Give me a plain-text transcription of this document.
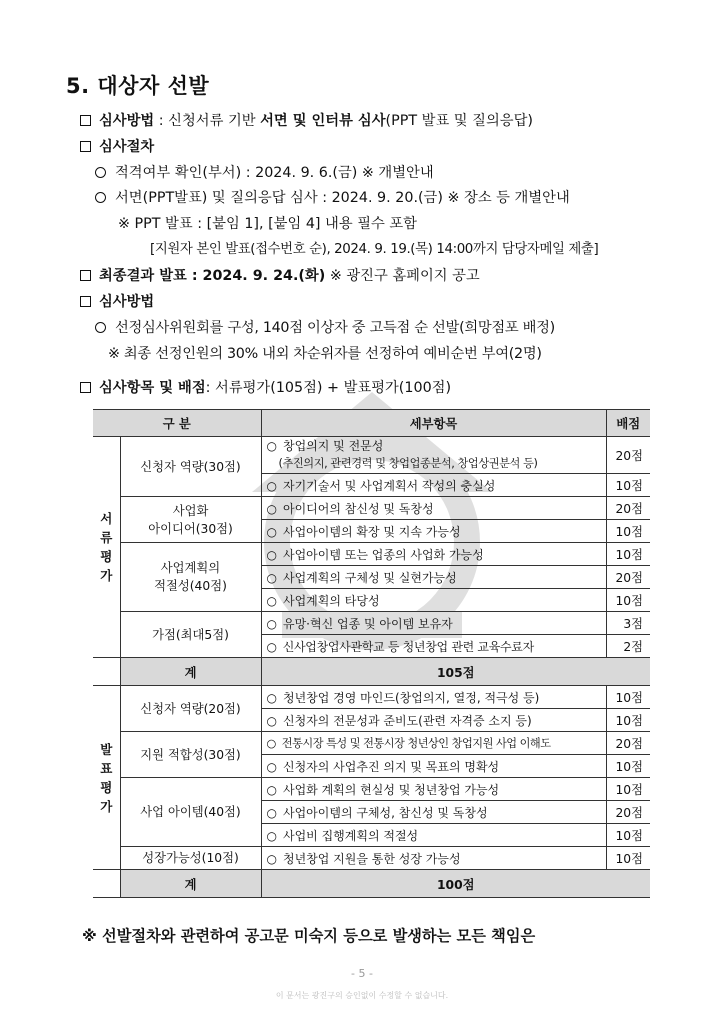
5. 대상자 선발
심사방법 : 신청서류 기반 서면 및 인터뷰 심사(PPT 발표 및 질의응답)
심사절차
적격여부 확인(부서) : 2024. 9. 6.(금) ※ 개별안내
서면(PPT발표) 및 질의응답 심사 : 2024. 9. 20.(금) ※ 장소 등 개별안내
※ PPT 발표 : [붙임 1], [붙임 4] 내용 필수 포함
[지원자 본인 발표(접수번호 순), 2024. 9. 19.(목) 14:00까지 담당자메일 제출]
최종결과 발표 : 2024. 9. 24.(화) ※ 광진구 홈페이지 공고
심사방법
선정심사위원회를 구성, 140점 이상자 중 고득점 순 선발(희망점포 배정)
※ 최종 선정인원의 30% 내외 차순위자를 선정하여 예비순번 부여(2명)
심사항목 및 배점: 서류평가(105점) + 발표평가(100점)
구 분		세부항목	배점
서
류
평
가	신청자 역량(30점)	○ 창업의지 및 전문성
(추진의지, 관련경력 및 창업업종분석, 창업상권분석 등)	20점
		○ 자기기술서 및 사업계획서 작성의 충실성	10점
	사업화
아이디어(30점)	○ 아이디어의 참신성 및 독창성	20점
		○ 사업아이템의 확장 및 지속 가능성	10점
	사업계획의
적절성(40점)	○ 사업아이템 또는 업종의 사업화 가능성	10점
		○ 사업계획의 구체성 및 실현가능성	20점
		○ 사업계획의 타당성	10점
	가점(최대5점)	○ 유망·혁신 업종 및 아이템 보유자	3점
		○ 신사업창업사관학교 등 청년창업 관련 교육수료자	2점
	계	105점	
발
표
평
가	신청자 역량(20점)	○ 청년창업 경영 마인드(창업의지, 열정, 적극성 등)	10점
		○ 신청자의 전문성과 준비도(관련 자격증 소지 등)	10점
	지원 적합성(30점)	○ 전통시장 특성 및 전통시장 청년상인 창업지원 사업 이해도	20점
		○ 신청자의 사업추진 의지 및 목표의 명확성	10점
	사업 아이템(40점)	○ 사업화 계획의 현실성 및 청년창업 가능성	10점
		○ 사업아이템의 구체성, 참신성 및 독창성	20점
		○ 사업비 집행계획의 적절성	10점
	성장가능성(10점)	○ 청년창업 지원을 통한 성장 가능성	10점
	계	100점	
※ 선발절차와 관련하여 공고문 미숙지 등으로 발생하는 모든 책임은
- 5 -
이 문서는 광진구의 승인없이 수정할 수 없습니다.
